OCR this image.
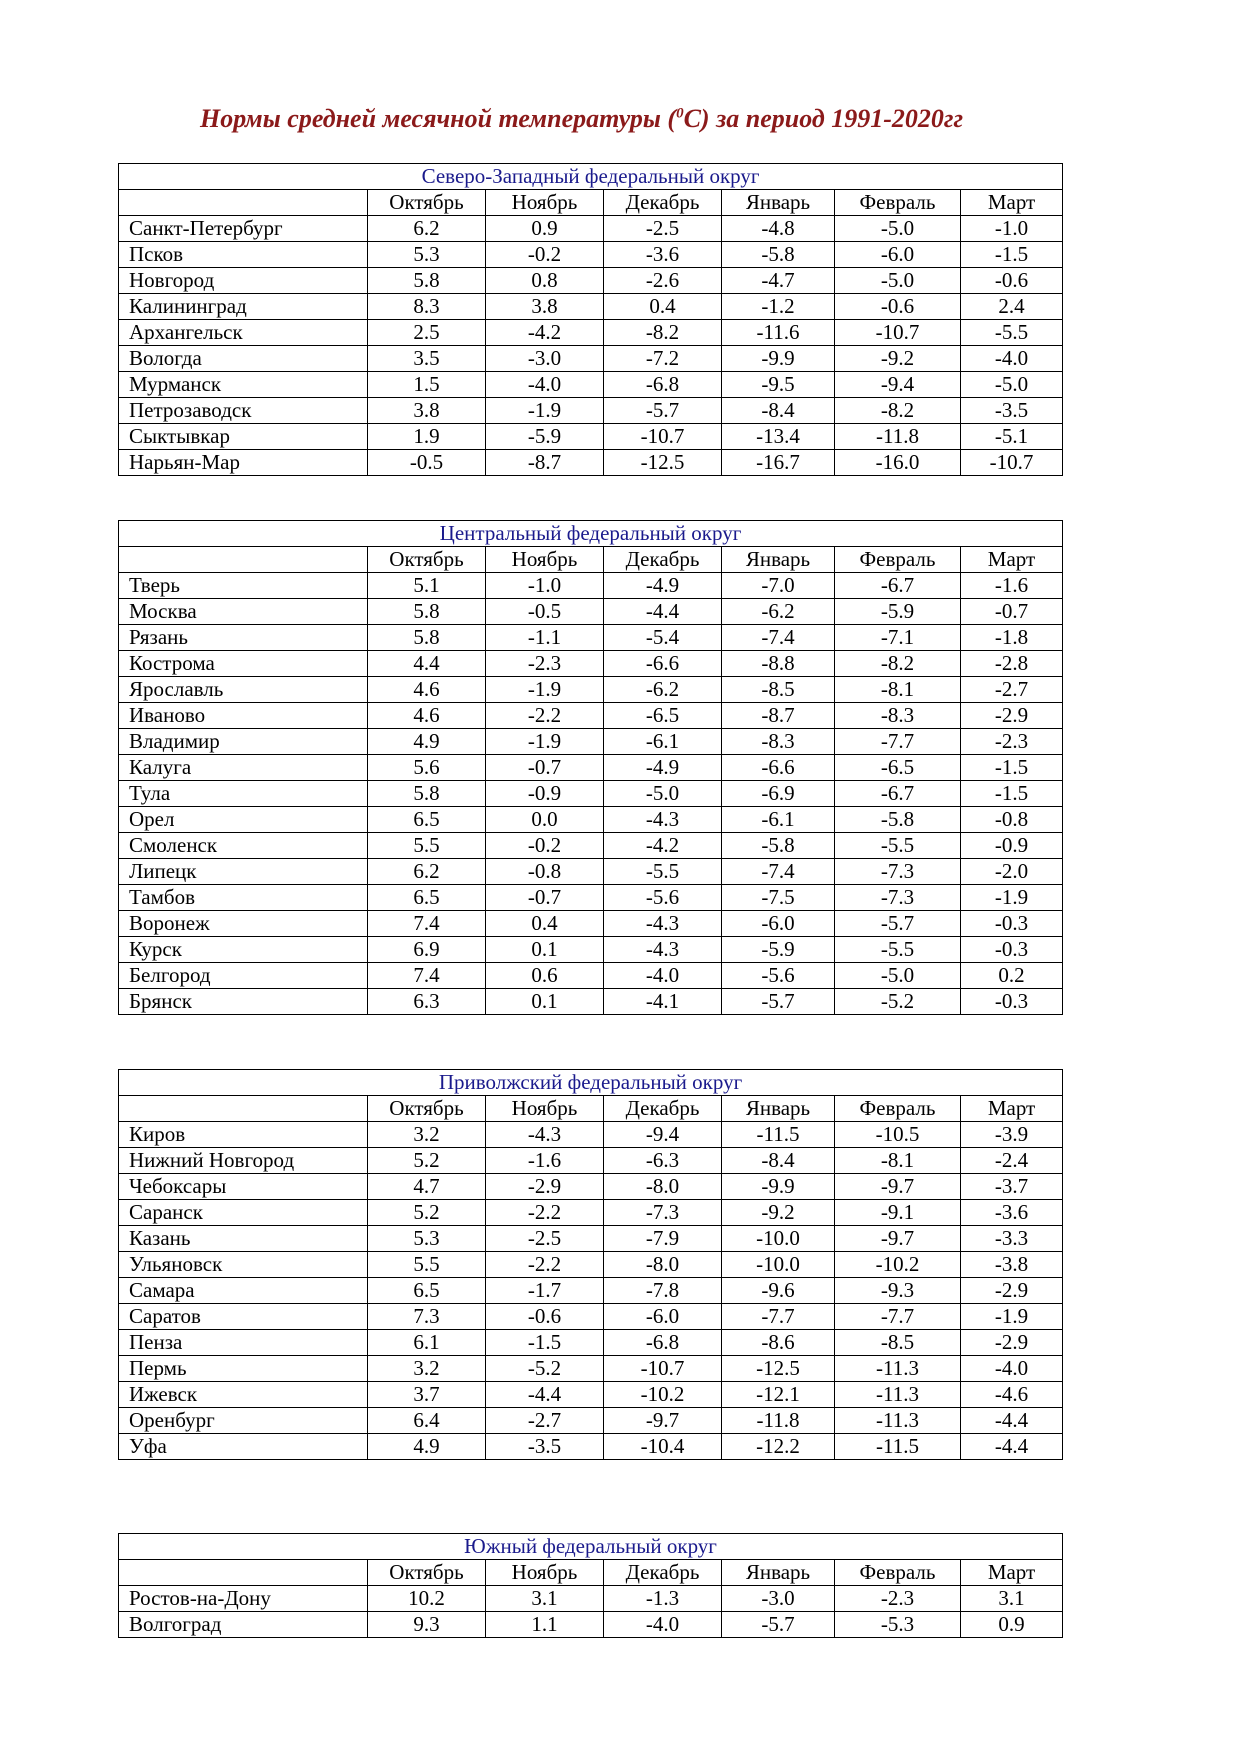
Нормы средней месячной температуры ($^0$С) за период 1991-2020гг
Северо-Западный федеральный округ						
	Октябрь	Ноябрь	Декабрь	Январь	Февраль	Март
Санкт-Петербург	6.2	0.9	-2.5	-4.8	-5.0	-1.0
Псков	5.3	-0.2	-3.6	-5.8	-6.0	-1.5
Новгород	5.8	0.8	-2.6	-4.7	-5.0	-0.6
Калининград	8.3	3.8	0.4	-1.2	-0.6	2.4
Архангельск	2.5	-4.2	-8.2	-11.6	-10.7	-5.5
Вологда	3.5	-3.0	-7.2	-9.9	-9.2	-4.0
Мурманск	1.5	-4.0	-6.8	-9.5	-9.4	-5.0
Петрозаводск	3.8	-1.9	-5.7	-8.4	-8.2	-3.5
Сыктывкар	1.9	-5.9	-10.7	-13.4	-11.8	-5.1
Нарьян-Мар	-0.5	-8.7	-12.5	-16.7	-16.0	-10.7
Центральный федеральный округ						
	Октябрь	Ноябрь	Декабрь	Январь	Февраль	Март
Тверь	5.1	-1.0	-4.9	-7.0	-6.7	-1.6
Москва	5.8	-0.5	-4.4	-6.2	-5.9	-0.7
Рязань	5.8	-1.1	-5.4	-7.4	-7.1	-1.8
Кострома	4.4	-2.3	-6.6	-8.8	-8.2	-2.8
Ярославль	4.6	-1.9	-6.2	-8.5	-8.1	-2.7
Иваново	4.6	-2.2	-6.5	-8.7	-8.3	-2.9
Владимир	4.9	-1.9	-6.1	-8.3	-7.7	-2.3
Калуга	5.6	-0.7	-4.9	-6.6	-6.5	-1.5
Тула	5.8	-0.9	-5.0	-6.9	-6.7	-1.5
Орел	6.5	0.0	-4.3	-6.1	-5.8	-0.8
Смоленск	5.5	-0.2	-4.2	-5.8	-5.5	-0.9
Липецк	6.2	-0.8	-5.5	-7.4	-7.3	-2.0
Тамбов	6.5	-0.7	-5.6	-7.5	-7.3	-1.9
Воронеж	7.4	0.4	-4.3	-6.0	-5.7	-0.3
Курск	6.9	0.1	-4.3	-5.9	-5.5	-0.3
Белгород	7.4	0.6	-4.0	-5.6	-5.0	0.2
Брянск	6.3	0.1	-4.1	-5.7	-5.2	-0.3
Приволжский федеральный округ						
	Октябрь	Ноябрь	Декабрь	Январь	Февраль	Март
Киров	3.2	-4.3	-9.4	-11.5	-10.5	-3.9
Нижний Новгород	5.2	-1.6	-6.3	-8.4	-8.1	-2.4
Чебоксары	4.7	-2.9	-8.0	-9.9	-9.7	-3.7
Саранск	5.2	-2.2	-7.3	-9.2	-9.1	-3.6
Казань	5.3	-2.5	-7.9	-10.0	-9.7	-3.3
Ульяновск	5.5	-2.2	-8.0	-10.0	-10.2	-3.8
Самара	6.5	-1.7	-7.8	-9.6	-9.3	-2.9
Саратов	7.3	-0.6	-6.0	-7.7	-7.7	-1.9
Пенза	6.1	-1.5	-6.8	-8.6	-8.5	-2.9
Пермь	3.2	-5.2	-10.7	-12.5	-11.3	-4.0
Ижевск	3.7	-4.4	-10.2	-12.1	-11.3	-4.6
Оренбург	6.4	-2.7	-9.7	-11.8	-11.3	-4.4
Уфа	4.9	-3.5	-10.4	-12.2	-11.5	-4.4
Южный федеральный округ						
	Октябрь	Ноябрь	Декабрь	Январь	Февраль	Март
Ростов-на-Дону	10.2	3.1	-1.3	-3.0	-2.3	3.1
Волгоград	9.3	1.1	-4.0	-5.7	-5.3	0.9
